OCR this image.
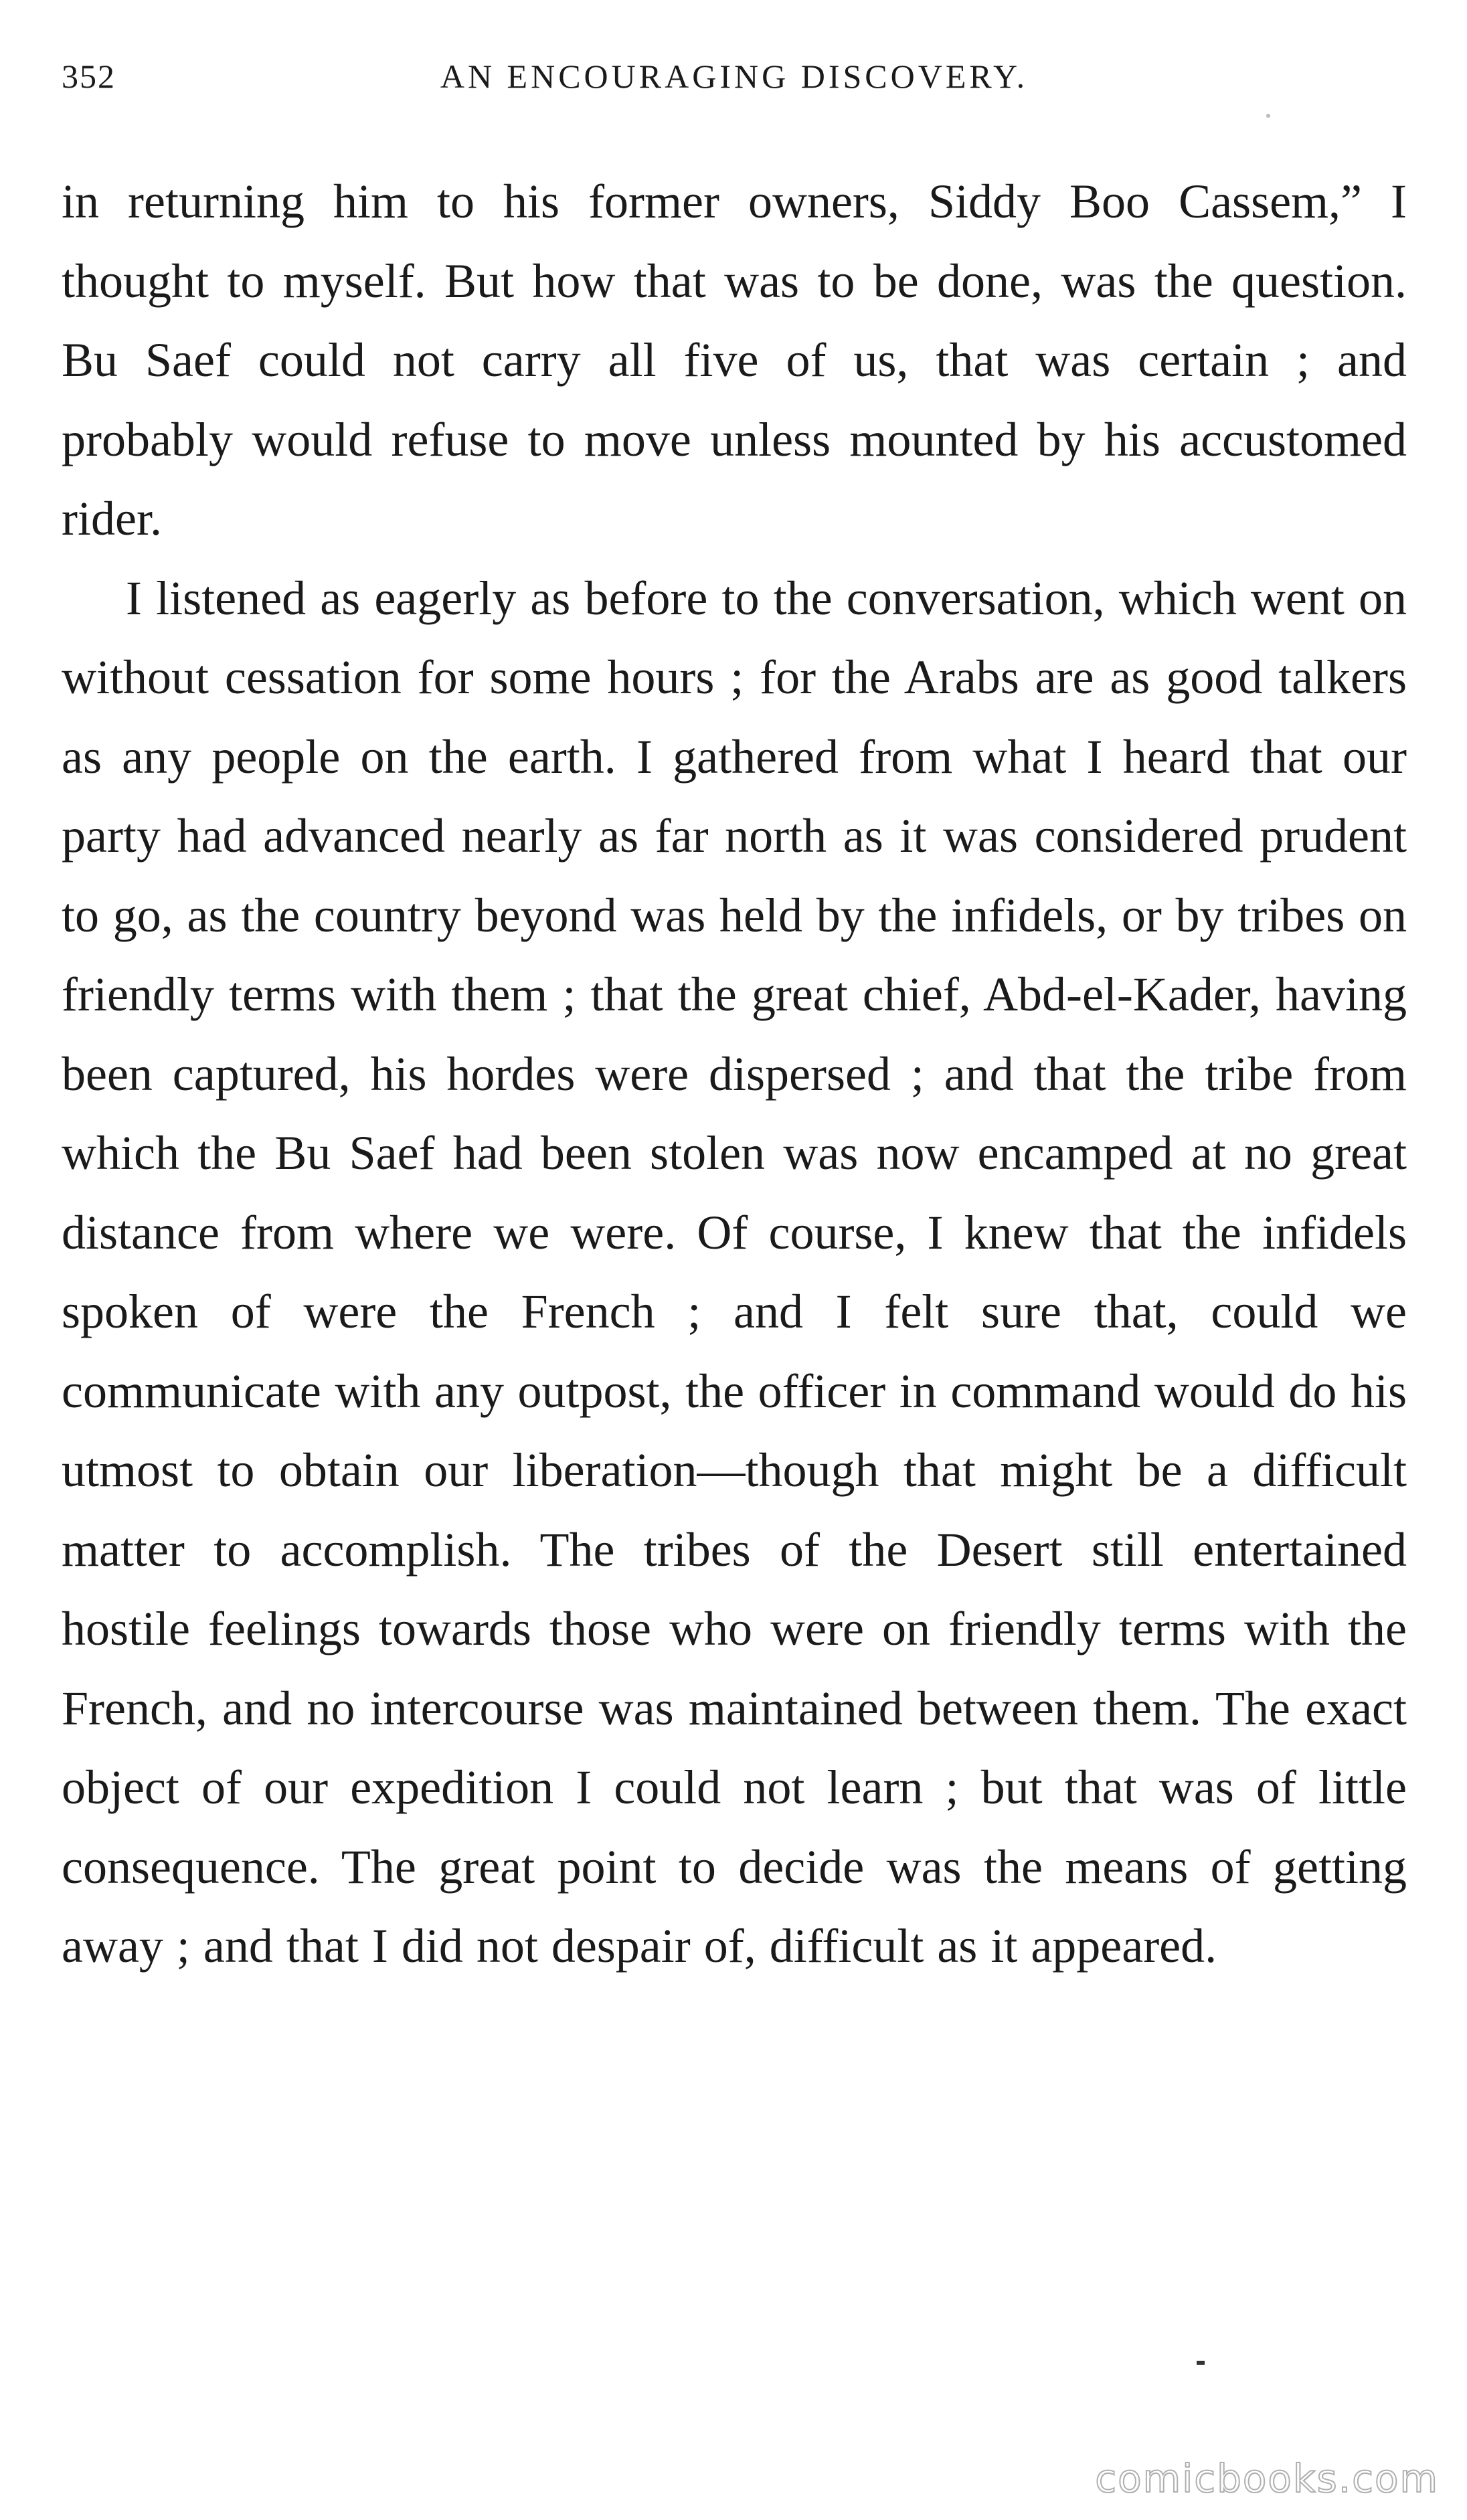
352	AN ENCOURAGING DISCOVERY.

in returning him to his former owners, Siddy Boo Cassem,” I thought to myself. But how that was to be done, was the question. Bu Saef could not carry all five of us, that was certain ; and probably would refuse to move unless mounted by his accustomed rider.

I listened as eagerly as before to the conversation, which went on without cessation for some hours ; for the Arabs are as good talkers as any people on the earth. I gathered from what I heard that our party had advanced nearly as far north as it was considered prudent to go, as the country beyond was held by the infidels, or by tribes on friendly terms with them ; that the great chief, Abd-el-Kader, having been captured, his hordes were dispersed ; and that the tribe from which the Bu Saef had been stolen was now encamped at no great distance from where we were. Of course, I knew that the infidels spoken of were the French ; and I felt sure that, could we communicate with any outpost, the officer in command would do his utmost to obtain our liberation—though that might be a difficult matter to accomplish. The tribes of the Desert still entertained hostile feelings towards those who were on friendly terms with the French, and no intercourse was maintained between them. The exact object of our expedition I could not learn ; but that was of little consequence. The great point to decide was the means of getting away ; and that I did not despair of, difficult as it appeared.

comicbooks.com
